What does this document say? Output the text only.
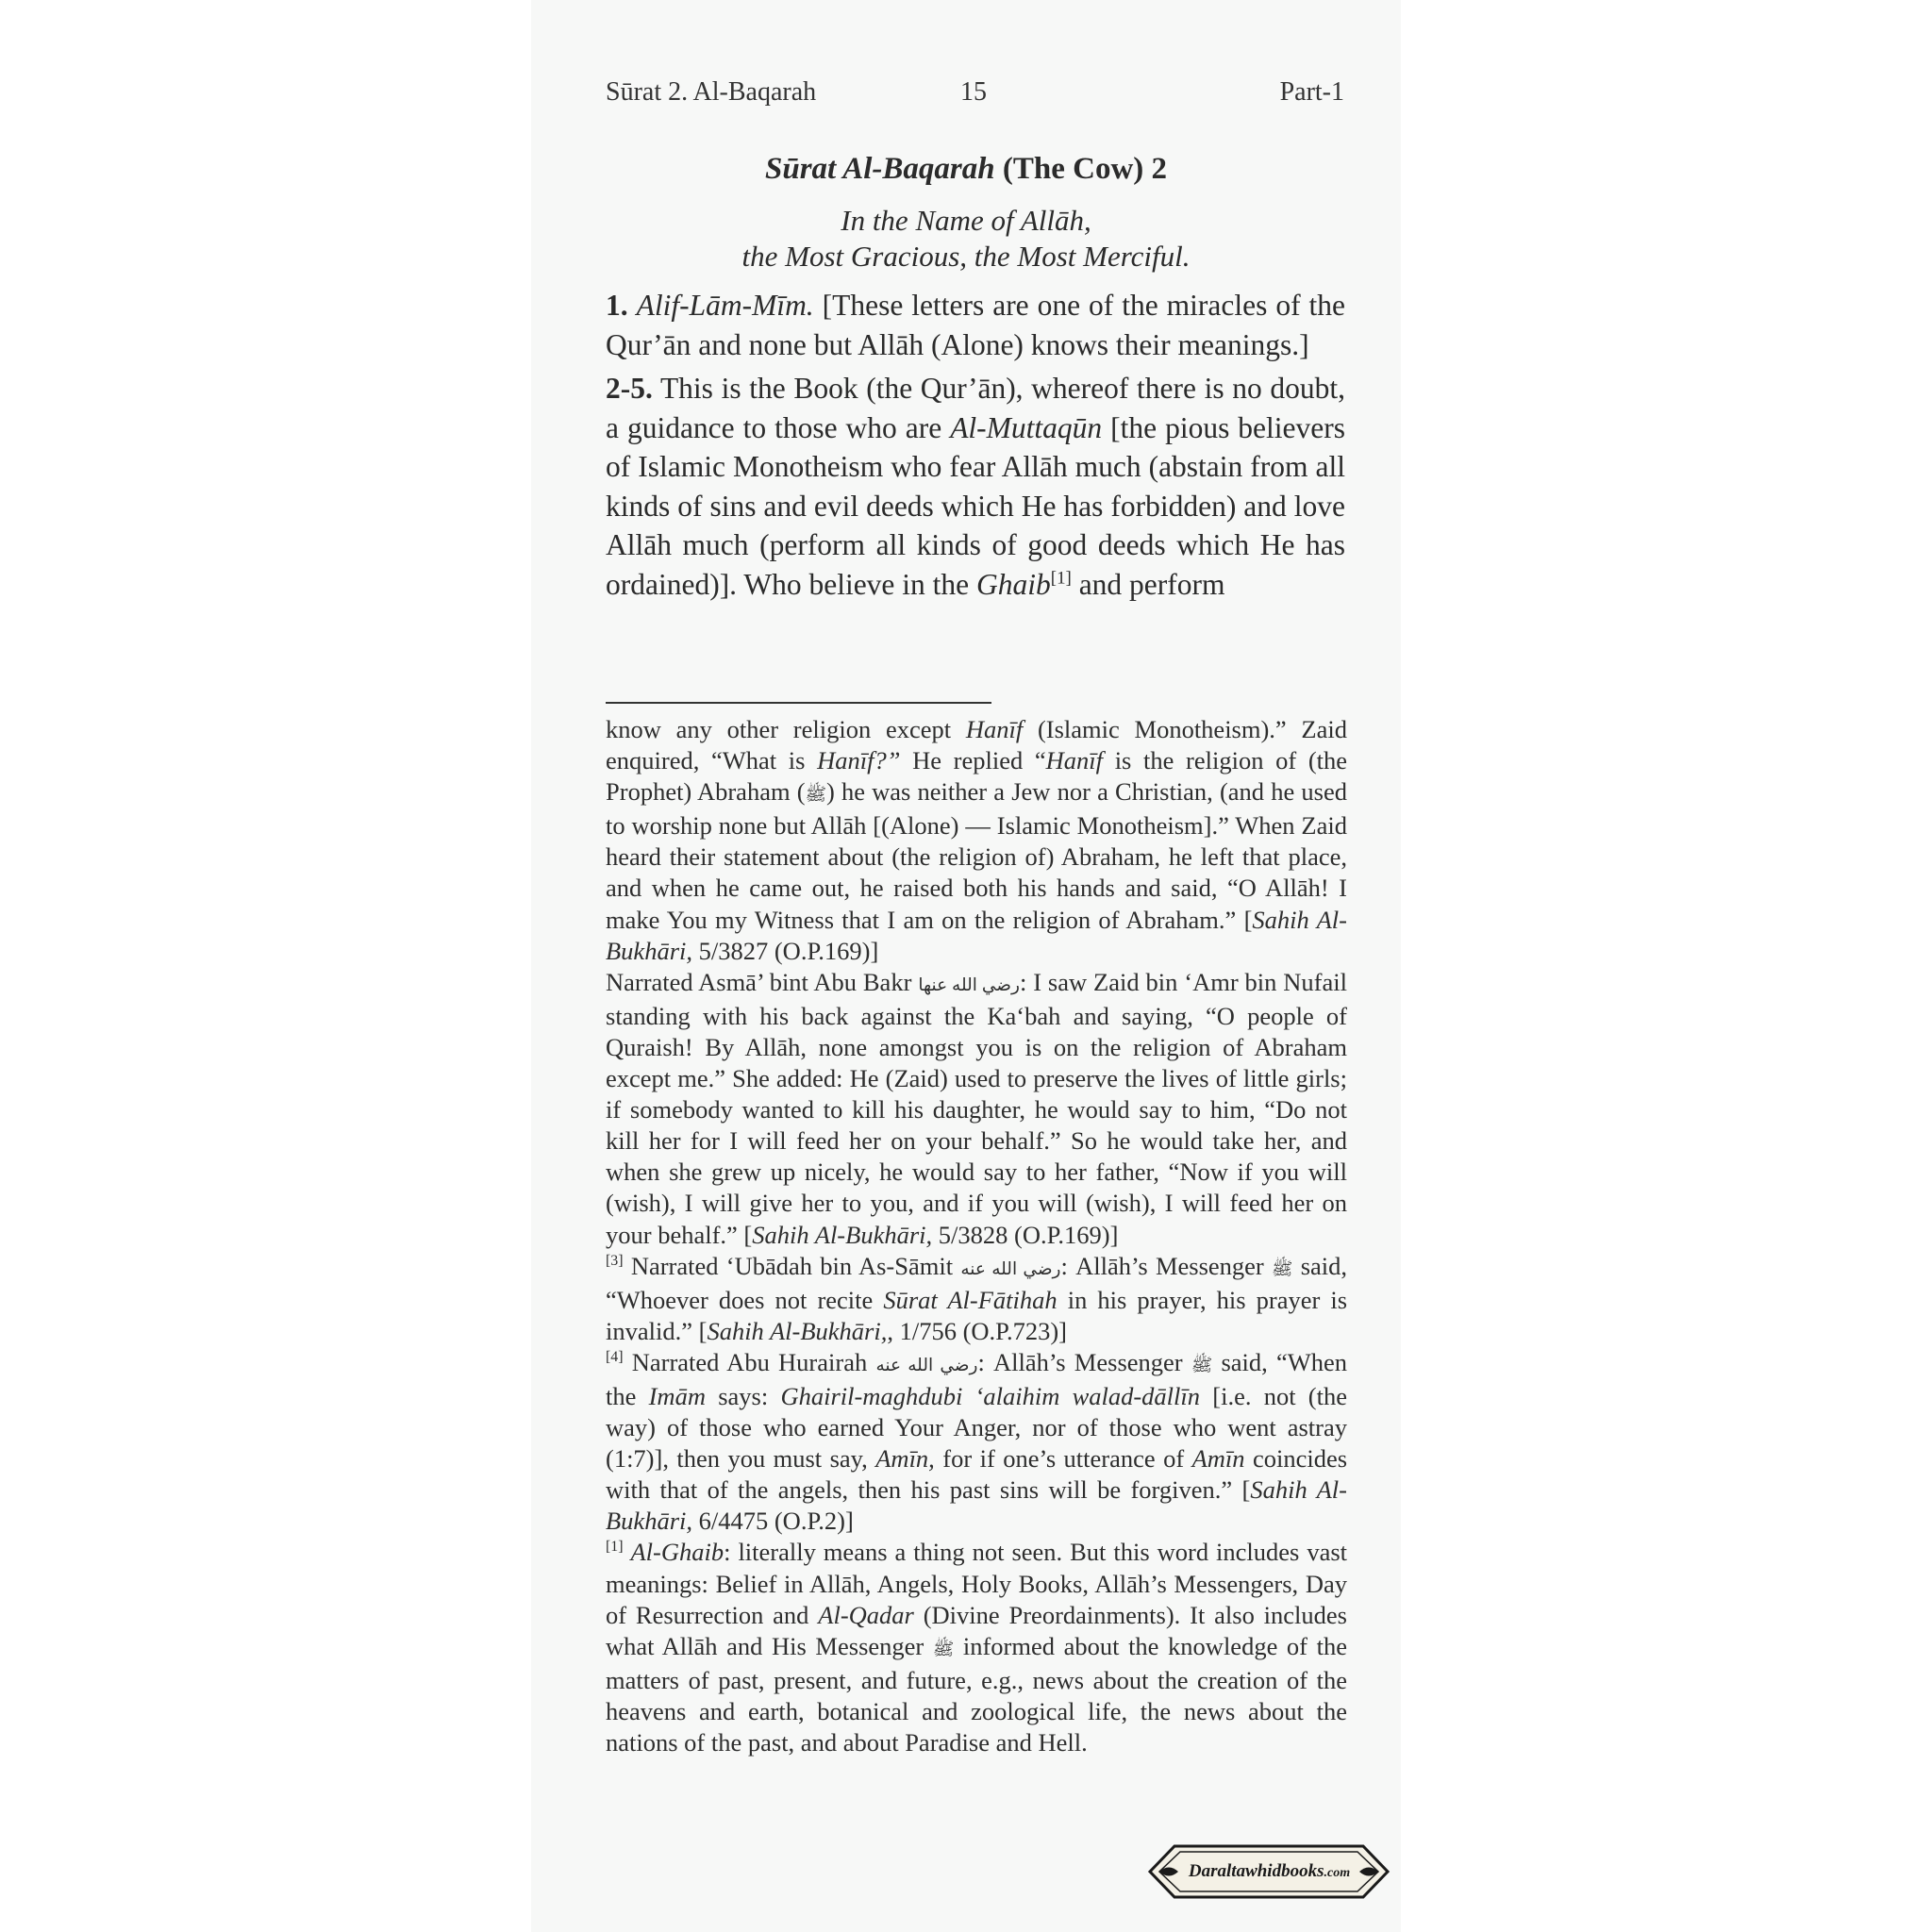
Sūrat 2. Al-Baqarah	15	Part-1
Sūrat Al-Baqarah (The Cow) 2
In the Name of Allāh,
the Most Gracious, the Most Merciful.

1. Alif-Lām-Mīm. [These letters are one of the miracles of the Qur’ān and none but Allāh (Alone) knows their meanings.]

2-5. This is the Book (the Qur’ān), whereof there is no doubt, a guidance to those who are Al-Muttaqūn [the pious believers of Islamic Monotheism who fear Allāh much (abstain from all kinds of sins and evil deeds which He has forbidden) and love Allāh much (perform all kinds of good deeds which He has ordained)]. Who believe in the Ghaib[1] and perform

know any other religion except Hanīf (Islamic Monotheism).” Zaid enquired, “What is Hanīf?” He replied “Hanīf is the religion of (the Prophet) Abraham (ﷺ) he was neither a Jew nor a Christian, (and he used to worship none but Allāh [(Alone) — Islamic Monotheism].” When Zaid heard their statement about (the religion of) Abraham, he left that place, and when he came out, he raised both his hands and said, “O Allāh! I make You my Witness that I am on the religion of Abraham.” [Sahih Al-Bukhāri, 5/3827 (O.P.169)]

Narrated Asmā’ bint Abu Bakr رضي الله عنها: I saw Zaid bin ‘Amr bin Nufail standing with his back against the Ka‘bah and saying, “O people of Quraish! By Allāh, none amongst you is on the religion of Abraham except me.” She added: He (Zaid) used to preserve the lives of little girls; if somebody wanted to kill his daughter, he would say to him, “Do not kill her for I will feed her on your behalf.” So he would take her, and when she grew up nicely, he would say to her father, “Now if you will (wish), I will give her to you, and if you will (wish), I will feed her on your behalf.” [Sahih Al-Bukhāri, 5/3828 (O.P.169)]

[3] Narrated ‘Ubādah bin As-Sāmit رضي الله عنه: Allāh’s Messenger ﷺ said, “Whoever does not recite Sūrat Al-Fātihah in his prayer, his prayer is invalid.” [Sahih Al-Bukhāri,, 1/756 (O.P.723)]

[4] Narrated Abu Hurairah رضي الله عنه: Allāh’s Messenger ﷺ said, “When the Imām says: Ghairil-maghdubi ‘alaihim walad-dāllīn [i.e. not (the way) of those who earned Your Anger, nor of those who went astray (1:7)], then you must say, Amīn, for if one’s utterance of Amīn coincides with that of the angels, then his past sins will be forgiven.” [Sahih Al-Bukhāri, 6/4475 (O.P.2)]

[1] Al-Ghaib: literally means a thing not seen. But this word includes vast meanings: Belief in Allāh, Angels, Holy Books, Allāh’s Messengers, Day of Resurrection and Al-Qadar (Divine Preordainments). It also includes what Allāh and His Messenger ﷺ informed about the knowledge of the matters of past, present, and future, e.g., news about the creation of the heavens and earth, botanical and zoological life, the news about the nations of the past, and about Paradise and Hell.

Daraltawhidbooks.com
